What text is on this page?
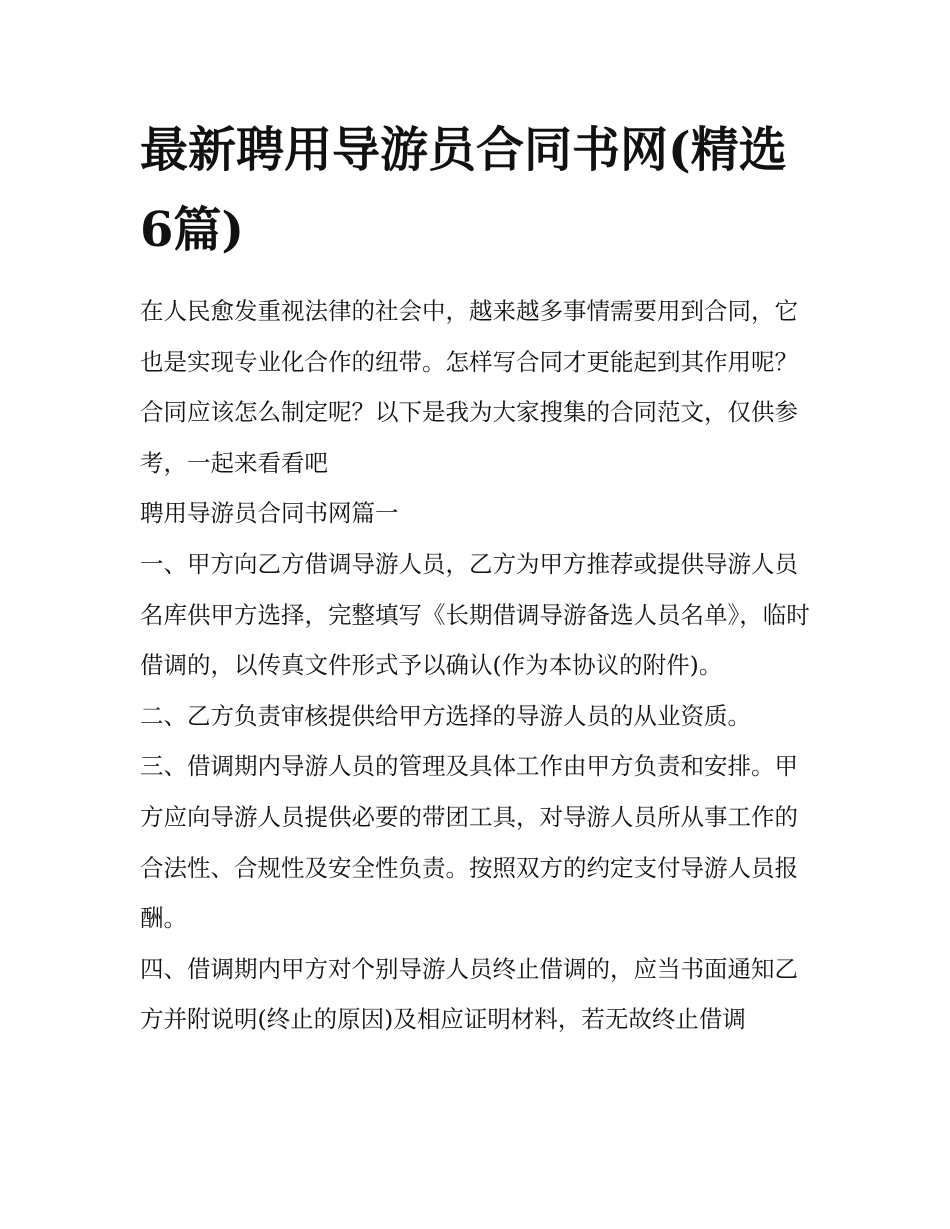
最新聘用导游员合同书网(精选6篇)

在人民愈发重视法律的社会中，越来越多事情需要用到合同，它也是实现专业化合作的纽带。怎样写合同才更能起到其作用呢？合同应该怎么制定呢？以下是我为大家搜集的合同范文，仅供参考，一起来看看吧

聘用导游员合同书网篇一

一、甲方向乙方借调导游人员，乙方为甲方推荐或提供导游人员名库供甲方选择，完整填写《长期借调导游备选人员名单》，临时借调的，以传真文件形式予以确认(作为本协议的附件)。

二、乙方负责审核提供给甲方选择的导游人员的从业资质。

三、借调期内导游人员的管理及具体工作由甲方负责和安排。甲方应向导游人员提供必要的带团工具，对导游人员所从事工作的合法性、合规性及安全性负责。按照双方的约定支付导游人员报酬。

四、借调期内甲方对个别导游人员终止借调的，应当书面通知乙方并附说明(终止的原因)及相应证明材料，若无故终止借调
